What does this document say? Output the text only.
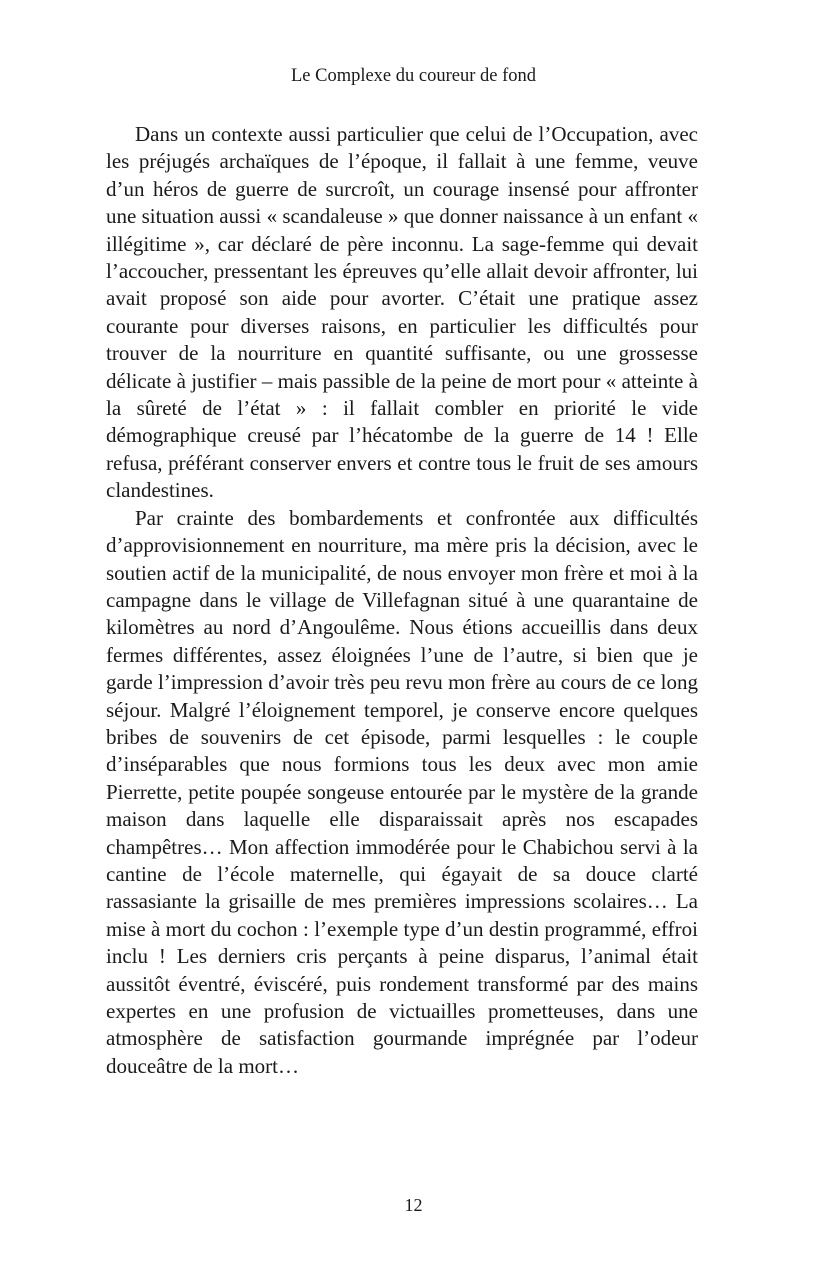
Le Complexe du coureur de fond

Dans un contexte aussi particulier que celui de l’Occupation, avec les préjugés archaïques de l’époque, il fallait à une femme, veuve d’un héros de guerre de surcroît, un courage insensé pour affronter une situation aussi « scandaleuse » que donner naissance à un enfant « illégitime », car déclaré de père inconnu. La sage-femme qui devait l’accoucher, pressentant les épreuves qu’elle allait devoir affronter, lui avait proposé son aide pour avorter. C’était une pratique assez courante pour diverses raisons, en particulier les difficultés pour trouver de la nourriture en quantité suffisante, ou une grossesse délicate à justifier – mais passible de la peine de mort pour « atteinte à la sûreté de l’état » : il fallait combler en priorité le vide démographique creusé par l’hécatombe de la guerre de 14 ! Elle refusa, préférant conserver envers et contre tous le fruit de ses amours clandestines.

Par crainte des bombardements et confrontée aux difficultés d’approvisionnement en nourriture, ma mère pris la décision, avec le soutien actif de la municipalité, de nous envoyer mon frère et moi à la campagne dans le village de Villefagnan situé à une quarantaine de kilomètres au nord d’Angoulême. Nous étions accueillis dans deux fermes différentes, assez éloignées l’une de l’autre, si bien que je garde l’impression d’avoir très peu revu mon frère au cours de ce long séjour. Malgré l’éloignement temporel, je conserve encore quelques bribes de souvenirs de cet épisode, parmi lesquelles : le couple d’inséparables que nous formions tous les deux avec mon amie Pierrette, petite poupée songeuse entourée par le mystère de la grande maison dans laquelle elle disparaissait après nos escapades champêtres… Mon affection immodérée pour le Chabichou servi à la cantine de l’école maternelle, qui égayait de sa douce clarté rassasiante la grisaille de mes premières impressions scolaires… La mise à mort du cochon : l’exemple type d’un destin programmé, effroi inclu ! Les derniers cris perçants à peine disparus, l’animal était aussitôt éventré, éviscéré, puis rondement transformé par des mains expertes en une profusion de victuailles prometteuses, dans une atmosphère de satisfaction gourmande imprégnée par l’odeur douceâtre de la mort…

12
